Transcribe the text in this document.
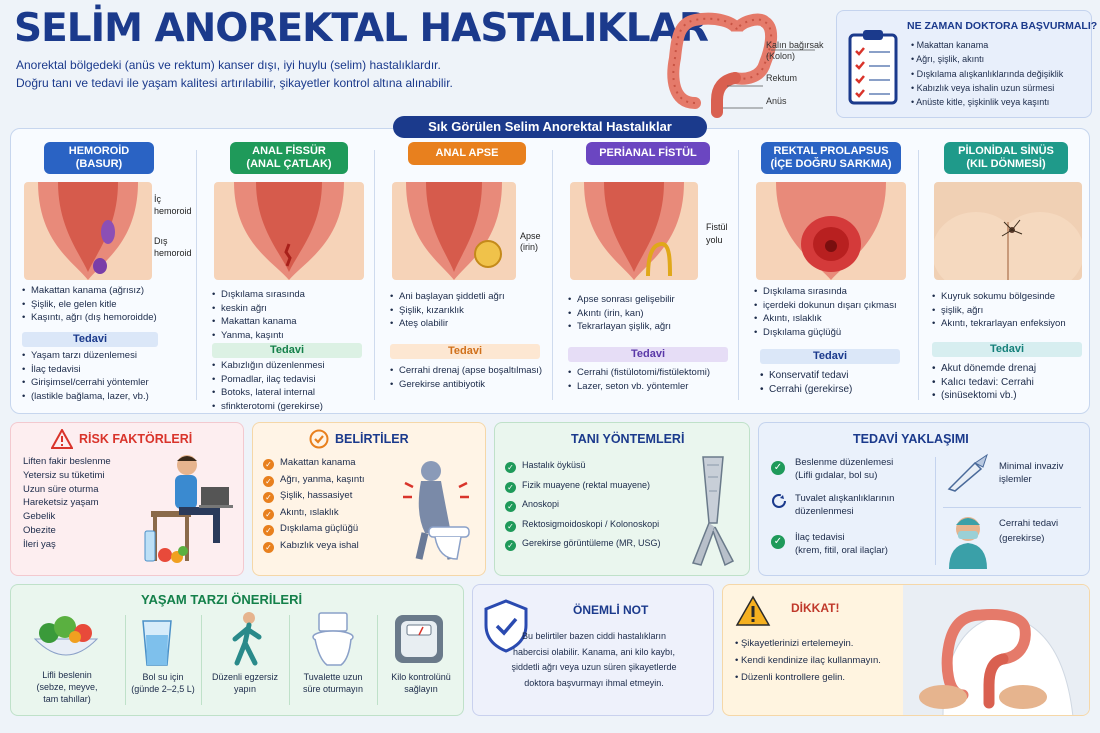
SELİM ANOREKTAL HASTALIKLAR
Anorektal bölgedeki (anüs ve rektum) kanser dışı, iyi huylu (selim) hastalıklardır.
Doğru tanı ve tedavi ile yaşam kalitesi artırılabilir, şikayetler kontrol altına alınabilir.
Kalın bağırsak
(Kolon)
Rektum
Anüs
NE ZAMAN DOKTORA BAŞVURMALI?
• Makattan kanama
• Ağrı, şişlik, akıntı
• Dışkılama alışkanlıklarında değişiklik
• Kabızlık veya ishalin uzun sürmesi
• Anüste kitle, şişkinlik veya kaşıntı
Sık Görülen Selim Anorektal Hastalıklar
HEMOROİD
(BASUR)
İç
hemoroid
Dış
hemoroid
• Makattan kanama (ağrısız)
• Şişlik, ele gelen kitle
• Kaşıntı, ağrı (dış hemoroidde)
Tedavi
• Yaşam tarzı düzenlemesi
• İlaç tedavisi
• Girişimsel/cerrahi yöntemler
• (lastikle bağlama, lazer, vb.)
ANAL FİSSÜR
(ANAL ÇATLAK)
• Dışkılama sırasında
• keskin ağrı
• Makattan kanama
• Yanma, kaşıntı
Tedavi
• Kabızlığın düzenlenmesi
• Pomadlar, ilaç tedavisi
• Botoks, lateral internal
• sfinkterotomi (gerekirse)
ANAL APSE
Apse
(irin)
• Ani başlayan şiddetli ağrı
• Şişlik, kızarıklık
• Ateş olabilir
Tedavi
• Cerrahi drenaj (apse boşaltılması)
• Gerekirse antibiyotik
PERİANAL FİSTÜL
Fistül
yolu
• Apse sonrası gelişebilir
• Akıntı (irin, kan)
• Tekrarlayan şişlik, ağrı
Tedavi
• Cerrahi (fistülotomi/fistülektomi)
• Lazer, seton vb. yöntemler
REKTAL PROLAPSUS
(İÇE DOĞRU SARKMA)
• Dışkılama sırasında
• içerdeki dokunun dışarı çıkması
• Akıntı, ıslaklık
• Dışkılama güçlüğü
Tedavi
• Konservatif tedavi
• Cerrahi (gerekirse)
PİLONİDAL SİNÜS
(KIL DÖNMESİ)
• Kuyruk sokumu bölgesinde
• şişlik, ağrı
• Akıntı, tekrarlayan enfeksiyon
Tedavi
• Akut dönemde drenaj
• Kalıcı tedavi: Cerrahi
• (sinüsektomi vb.)
RİSK FAKTÖRLERİ
Liften fakir beslenme
Yetersiz su tüketimi
Uzun süre oturma
Hareketsiz yaşam
Gebelik
Obezite
İleri yaş
BELİRTİLER
✓ Makattan kanama
✓ Ağrı, yanma, kaşıntı
✓ Şişlik, hassasiyet
✓ Akıntı, ıslaklık
✓ Dışkılama güçlüğü
✓ Kabızlık veya ishal
TANI YÖNTEMLERİ
✓ Hastalık öyküsü
✓ Fizik muayene (rektal muayene)
✓ Anoskopi
✓ Rektosigmoidoskopi / Kolonoskopi
✓ Gerekirse görüntüleme (MR, USG)
TEDAVİ YAKLAŞIMI
✓ Beslenme düzenlemesi
(Lifli gıdalar, bol su)
Tuvalet alışkanlıklarının
düzenlenmesi
✓ İlaç tedavisi
(krem, fitil, oral ilaçlar)
Minimal invaziv
işlemler
Cerrahi tedavi
(gerekirse)
YAŞAM TARZI ÖNERİLERİ
Lifli beslenin
(sebze, meyve,
tam tahıllar)
Bol su için
(günde 2–2,5 L)
Düzenli egzersiz
yapın
Tuvalette uzun
süre oturmayın
Kilo kontrolünü
sağlayın
ÖNEMLİ NOT
Bu belirtiler bazen ciddi hastalıkların
habercisi olabilir. Kanama, ani kilo kaybı,
şiddetli ağrı veya uzun süren şikayetlerde
doktora başvurmayı ihmal etmeyin.
DİKKAT!
• Şikayetlerinizi ertelemeyin.
• Kendi kendinize ilaç kullanmayın.
• Düzenli kontrollere gelin.
